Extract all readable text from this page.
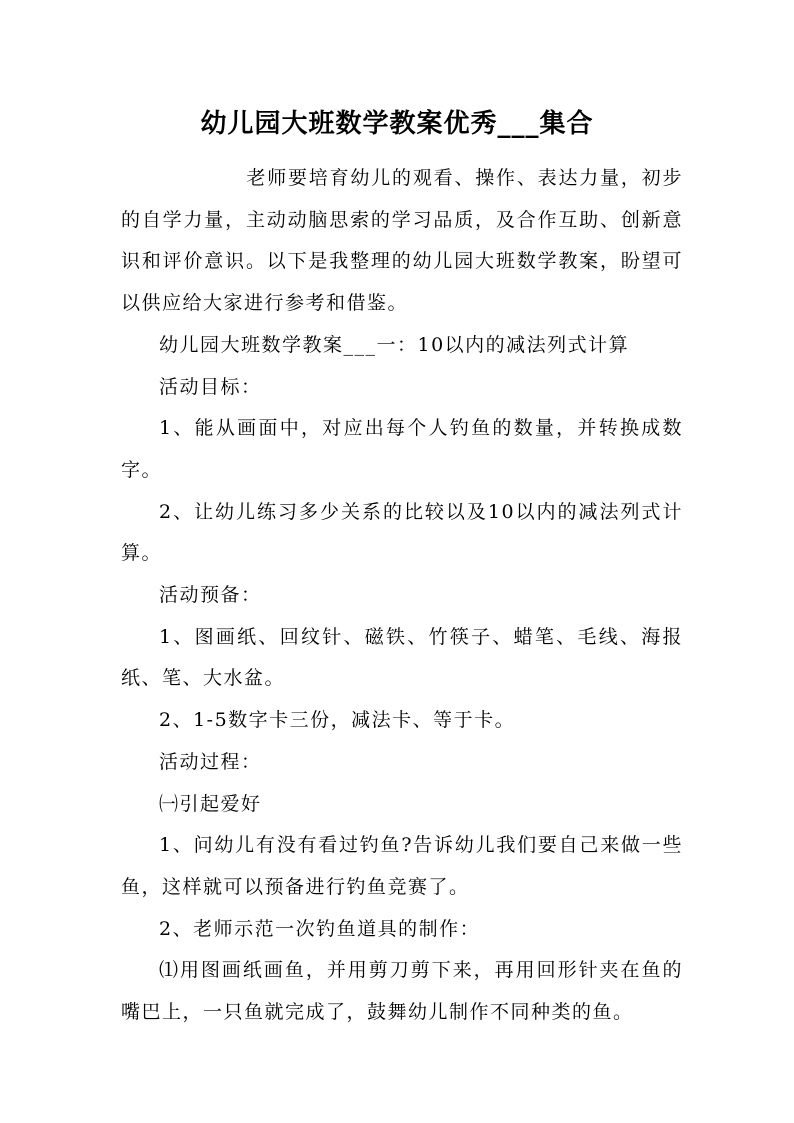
幼儿园大班数学教案优秀___集合

老师要培育幼儿的观看、操作、表达力量，初步的自学力量，主动动脑思索的学习品质，及合作互助、创新意识和评价意识。以下是我整理的幼儿园大班数学教案，盼望可以供应给大家进行参考和借鉴。

幼儿园大班数学教案___一：10以内的减法列式计算

活动目标：

1、能从画面中，对应出每个人钓鱼的数量，并转换成数字。

2、让幼儿练习多少关系的比较以及10以内的减法列式计算。

活动预备：

1、图画纸、回纹针、磁铁、竹筷子、蜡笔、毛线、海报纸、笔、大水盆。

2、1-5数字卡三份，减法卡、等于卡。

活动过程：

㈠引起爱好

1、问幼儿有没有看过钓鱼?告诉幼儿我们要自己来做一些鱼，这样就可以预备进行钓鱼竞赛了。

2、老师示范一次钓鱼道具的制作：

⑴用图画纸画鱼，并用剪刀剪下来，再用回形针夹在鱼的嘴巴上，一只鱼就完成了，鼓舞幼儿制作不同种类的鱼。
